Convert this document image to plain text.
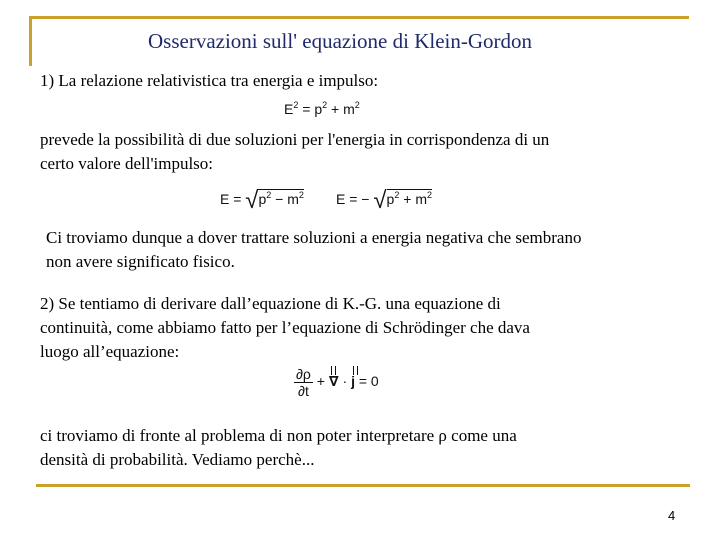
Osservazioni sull' equazione di Klein-Gordon
1) La relazione relativistica tra energia e impulso:
$E^2 = p^2 + m^2$
prevede la possibilità di due soluzioni per l'energia in corrispondenza di un
certo valore dell'impulso:
$E = √p^2 - m^2$ E = − $√p^2 + m^2$
Ci troviamo dunque a dover trattare soluzioni a energia negativa che sembrano
non avere significato fisico.
2) Se tentiamo di derivare dall’equazione di K.-G. una equazione di
continuità, come abbiamo fatto per l’equazione di Schrödinger che dava
luogo all’equazione:
$\frac{\partial\rho}{\partial t}$ + ∇ · j = 0
ci troviamo di fronte al problema di non poter interpretare ρ come una
densità di probabilità. Vediamo perchè...
4
